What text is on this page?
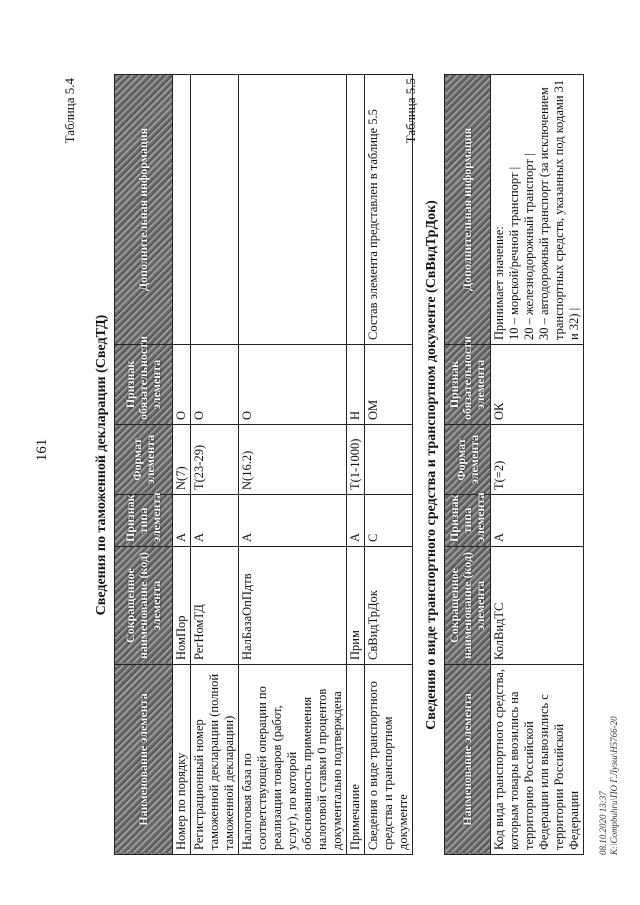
161
Таблица 5.4
Сведения по таможенной декларации (СведТД)
Наименование элемента	Сокращенное наименование (код) элемента	Признак типа элемента	Формат элемента	Признак обязательности элемента	Дополнительная информация
Номер по порядку	НомПор	А	N(7)	О	
Регистрационный номер таможенной декларации (полной таможенной декларации)	РегНомТД	А	T(23-29)	О	
Налоговая база по соответствующей операции по реализации товаров (работ, услуг), по которой обоснованность применения налоговой ставки 0 процентов документально подтверждена	НалБазаОпПдтв	А	N(16.2)	О	
Примечание	Прим	А	T(1-1000)	Н	
Сведения о виде транспортного средства и транспортном документе	СвВидТрДок	С		ОМ	Состав элемента представлен в таблице 5.5 Таблица 5.5
Сведения о виде транспортного средства и транспортном документе (СвВидТрДок)
Наименование элемента	Сокращенное наименование (код) элемента	Признак типа элемента	Формат элемента	Признак обязательности элемента	Дополнительная информация
Код вида транспортного средства, которым товары ввозились на территорию Российской Федерации или вывозились с территории Российской Федерации	КолВидТС	А	T(=2)	ОК	Принимает значение: 10 – морской/речной транспорт | 20 – железнодорожный транспорт | 30 – автодорожный транспорт (за исключением транспортных средств, указанных под кодами 31 и 32) |
08.10.2020 13:37 К:\Compbuhru\ПО Г.Луэш\Н5766-20
